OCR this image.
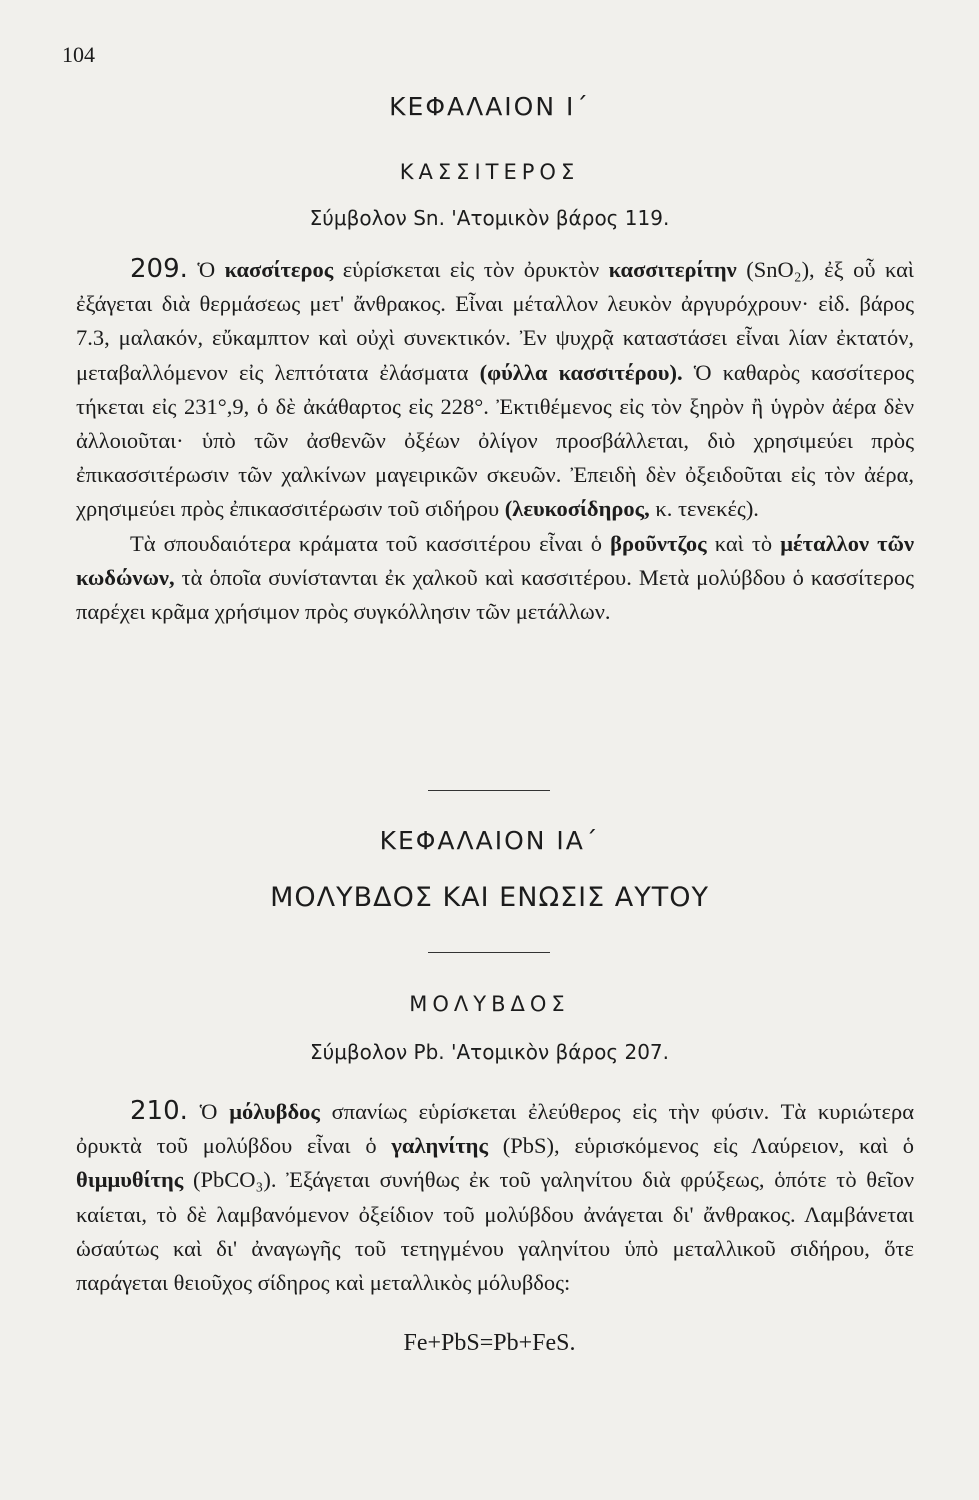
104
ΚΕΦΑΛΑΙΟΝ Ι΄
ΚΑΣΣΙΤΕΡΟΣ
Σύμβολον Sn. 'Ατομικὸν βάρος 119.

209. Ὁ κασσίτερος εὑρίσκεται εἰς τὸν ὀρυκτὸν κασσιτερίτην (SnO₂), ἐξ οὗ καὶ ἐξάγεται διὰ θερμάσεως μετ' ἄνθρακος. Εἶναι μέταλλον λευκὸν ἀργυρόχρουν· εἰδ. βάρος 7.3, μαλακόν, εὔκαμπτον καὶ οὐχὶ συνεκτικόν. Ἐν ψυχρᾷ καταστάσει εἶναι λίαν ἐκτατόν, μεταβαλλόμενον εἰς λεπτότατα ἐλάσματα (φύλλα κασσιτέρου). Ὁ καθαρὸς κασσίτερος τήκεται εἰς 231°,9, ὁ δὲ ἀκάθαρτος εἰς 228°. Ἐκτιθέμενος εἰς τὸν ξηρὸν ἢ ὑγρὸν ἀέρα δὲν ἀλλοιοῦται· ὑπὸ τῶν ἀσθενῶν ὀξέων ὀλίγον προσβάλλεται, διὸ χρησιμεύει πρὸς ἐπικασσιτέρωσιν τῶν χαλκίνων μαγειρικῶν σκευῶν. Ἐπειδὴ δὲν ὀξειδοῦται εἰς τὸν ἀέρα, χρησιμεύει πρὸς ἐπικασσιτέρωσιν τοῦ σιδήρου (λευκοσίδηρος, κ. τενεκές).

Τὰ σπουδαιότερα κράματα τοῦ κασσιτέρου εἶναι ὁ βροῦντζος καὶ τὸ μέταλλον τῶν κωδώνων, τὰ ὁποῖα συνίστανται ἐκ χαλκοῦ καὶ κασσιτέρου. Μετὰ μολύβδου ὁ κασσίτερος παρέχει κρᾶμα χρήσιμον πρὸς συγκόλλησιν τῶν μετάλλων.

ΚΕΦΑΛΑΙΟΝ ΙΑ΄
ΜΟΛΥΒΔΟΣ ΚΑΙ ΕΝΩΣΙΣ ΑΥΤΟΥ
ΜΟΛΥΒΔΟΣ
Σύμβολον Pb. 'Ατομικὸν βάρος 207.

210. Ὁ μόλυβδος σπανίως εὑρίσκεται ἐλεύθερος εἰς τὴν φύσιν. Τὰ κυριώτερα ὀρυκτὰ τοῦ μολύβδου εἶναι ὁ γαληνίτης (PbS), εὑρισκόμενος εἰς Λαύρειον, καὶ ὁ θιμμυθίτης (PbCO₃). Ἐξάγεται συνήθως ἐκ τοῦ γαληνίτου διὰ φρύξεως, ὁπότε τὸ θεῖον καίεται, τὸ δὲ λαμβανόμενον ὀξείδιον τοῦ μολύβδου ἀνάγεται δι' ἄνθρακος. Λαμβάνεται ὡσαύτως καὶ δι' ἀναγωγῆς τοῦ τετηγμένου γαληνίτου ὑπὸ μεταλλικοῦ σιδήρου, ὅτε παράγεται θειοῦχος σίδηρος καὶ μεταλλικὸς μόλυβδος:

Fe+PbS=Pb+FeS.
